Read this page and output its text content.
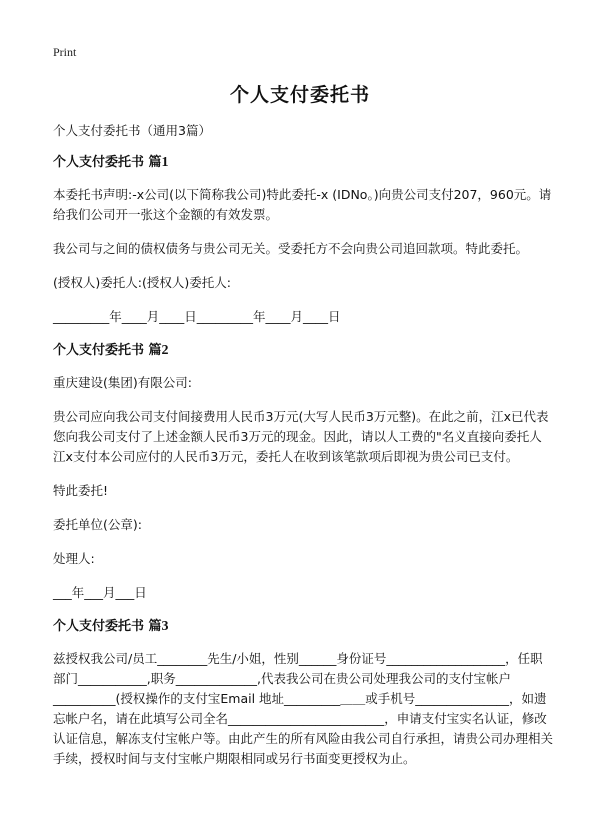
Print
个人支付委托书

个人支付委托书（通用3篇）

个人支付委托书 篇1

本委托书声明:-x公司(以下简称我公司)特此委托-x (IDNo。)向贵公司支付207，960元。请给我们公司开一张这个金额的有效发票。

我公司与之间的债权债务与贵公司无关。受委托方不会向贵公司追回款项。特此委托。

(授权人)委托人:(授权人)委托人:

_________年____月____日_________年____月____日

个人支付委托书 篇2

重庆建设(集团)有限公司:

贵公司应向我公司支付间接费用人民币3万元(大写人民币3万元整)。在此之前，江x已代表您向我公司支付了上述金额人民币3万元的现金。因此，请以人工费的"名义直接向委托人江x支付本公司应付的人民币3万元，委托人在收到该笔款项后即视为贵公司已支付。

特此委托!

委托单位(公章):

处理人:

___年___月___日

个人支付委托书 篇3

兹授权我公司/员工________先生/小姐，性别______身份证号___________________，任职部门___________,职务_____________,代表我公司在贵公司处理我公司的支付宝帐户 __________(授权操作的支付宝Email 地址_________＿＿或手机号_______________，如遗忘帐户名，请在此填写公司全名_________________________，申请支付宝实名认证，修改认证信息，解冻支付宝帐户等。由此产生的所有风险由我公司自行承担，请贵公司办理相关手续，授权时间与支付宝帐户期限相同或另行书面变更授权为止。
